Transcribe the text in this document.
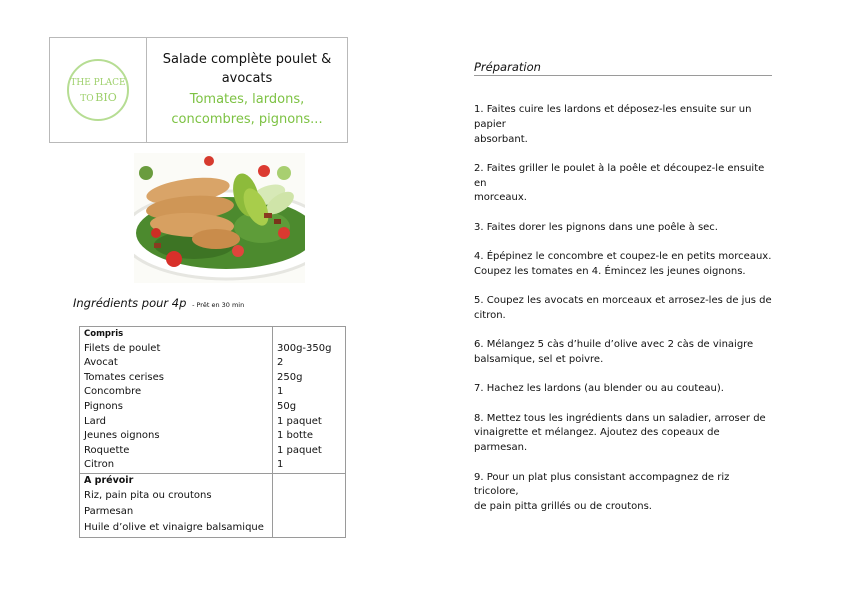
THE PLACE
TO BIO
Salade complète poulet &
avocats
Tomates, lardons,
concombres, pignons...
Ingrédients pour 4p - Prêt en 30 min
Compris	
Filets de poulet	300g-350g
Avocat	2
Tomates cerises	250g
Concombre	1
Pignons	50g
Lard	1 paquet
Jeunes oignons	1 botte
Roquette	1 paquet
Citron	1
A prévoir	
Riz, pain pita ou croutons	
Parmesan	
Huile d’olive et vinaigre balsamique	
Préparation
1. Faites cuire les lardons et déposez-les ensuite sur un
papier
absorbant.
2. Faites griller le poulet à la poêle et découpez-le ensuite
en
morceaux.
3. Faites dorer les pignons dans une poêle à sec.
4. Épépinez le concombre et coupez-le en petits morceaux.
Coupez les tomates en 4. Émincez les jeunes oignons.
5. Coupez les avocats en morceaux et arrosez-les de jus de
citron.
6. Mélangez 5 càs d’huile d’olive avec 2 càs de vinaigre
balsamique, sel et poivre.
7. Hachez les lardons (au blender ou au couteau).
8. Mettez tous les ingrédients dans un saladier, arroser de
vinaigrette et mélangez. Ajoutez des copeaux de parmesan.
9. Pour un plat plus consistant accompagnez de riz tricolore,
de pain pitta grillés ou de croutons.
